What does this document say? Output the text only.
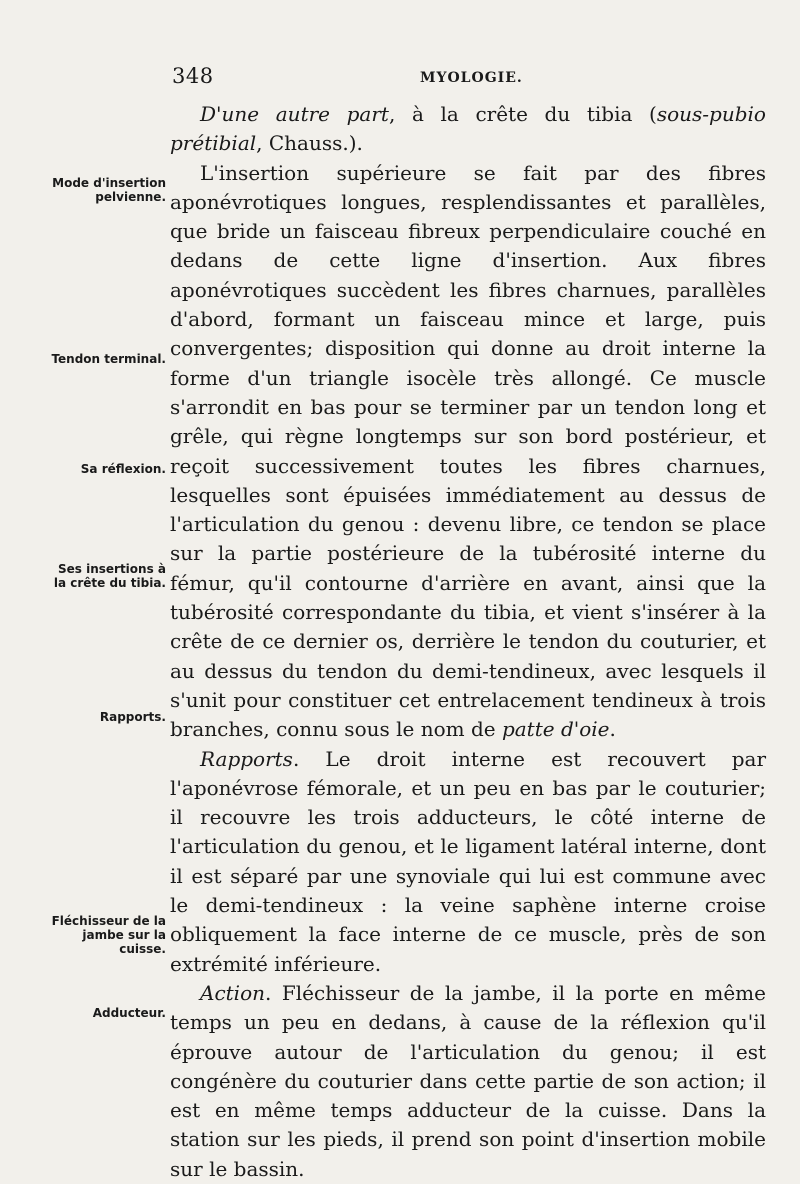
348	MYOLOGIE.
Mode d'insertion pelvienne.
Tendon terminal.
Sa réflexion.
Ses insertions à la crête du tibia.
Rapports.
Fléchisseur de la jambe sur la cuisse.
Adducteur.

D'une autre part, à la crête du tibia (sous-pubio prétibial, Chauss.).

L'insertion supérieure se fait par des fibres aponévrotiques longues, resplendissantes et parallèles, que bride un faisceau fibreux perpendiculaire couché en dedans de cette ligne d'insertion. Aux fibres aponévrotiques succèdent les fibres charnues, parallèles d'abord, formant un faisceau mince et large, puis convergentes; disposition qui donne au droit interne la forme d'un triangle isocèle très allongé. Ce muscle s'arrondit en bas pour se terminer par un tendon long et grêle, qui règne longtemps sur son bord postérieur, et reçoit successivement toutes les fibres charnues, lesquelles sont épuisées immédiatement au dessus de l'articulation du genou : devenu libre, ce tendon se place sur la partie postérieure de la tubérosité interne du fémur, qu'il contourne d'arrière en avant, ainsi que la tubérosité correspondante du tibia, et vient s'insérer à la crête de ce dernier os, derrière le tendon du couturier, et au dessus du tendon du demi-tendineux, avec lesquels il s'unit pour constituer cet entrelacement tendineux à trois branches, connu sous le nom de patte d'oie.

Rapports. Le droit interne est recouvert par l'aponévrose fémorale, et un peu en bas par le couturier; il recouvre les trois adducteurs, le côté interne de l'articulation du genou, et le ligament latéral interne, dont il est séparé par une synoviale qui lui est commune avec le demi-tendineux : la veine saphène interne croise obliquement la face interne de ce muscle, près de son extrémité inférieure.

Action. Fléchisseur de la jambe, il la porte en même temps un peu en dedans, à cause de la réflexion qu'il éprouve autour de l'articulation du genou; il est congénère du couturier dans cette partie de son action; il est en même temps adducteur de la cuisse. Dans la station sur les pieds, il prend son point d'insertion mobile sur le bassin.
